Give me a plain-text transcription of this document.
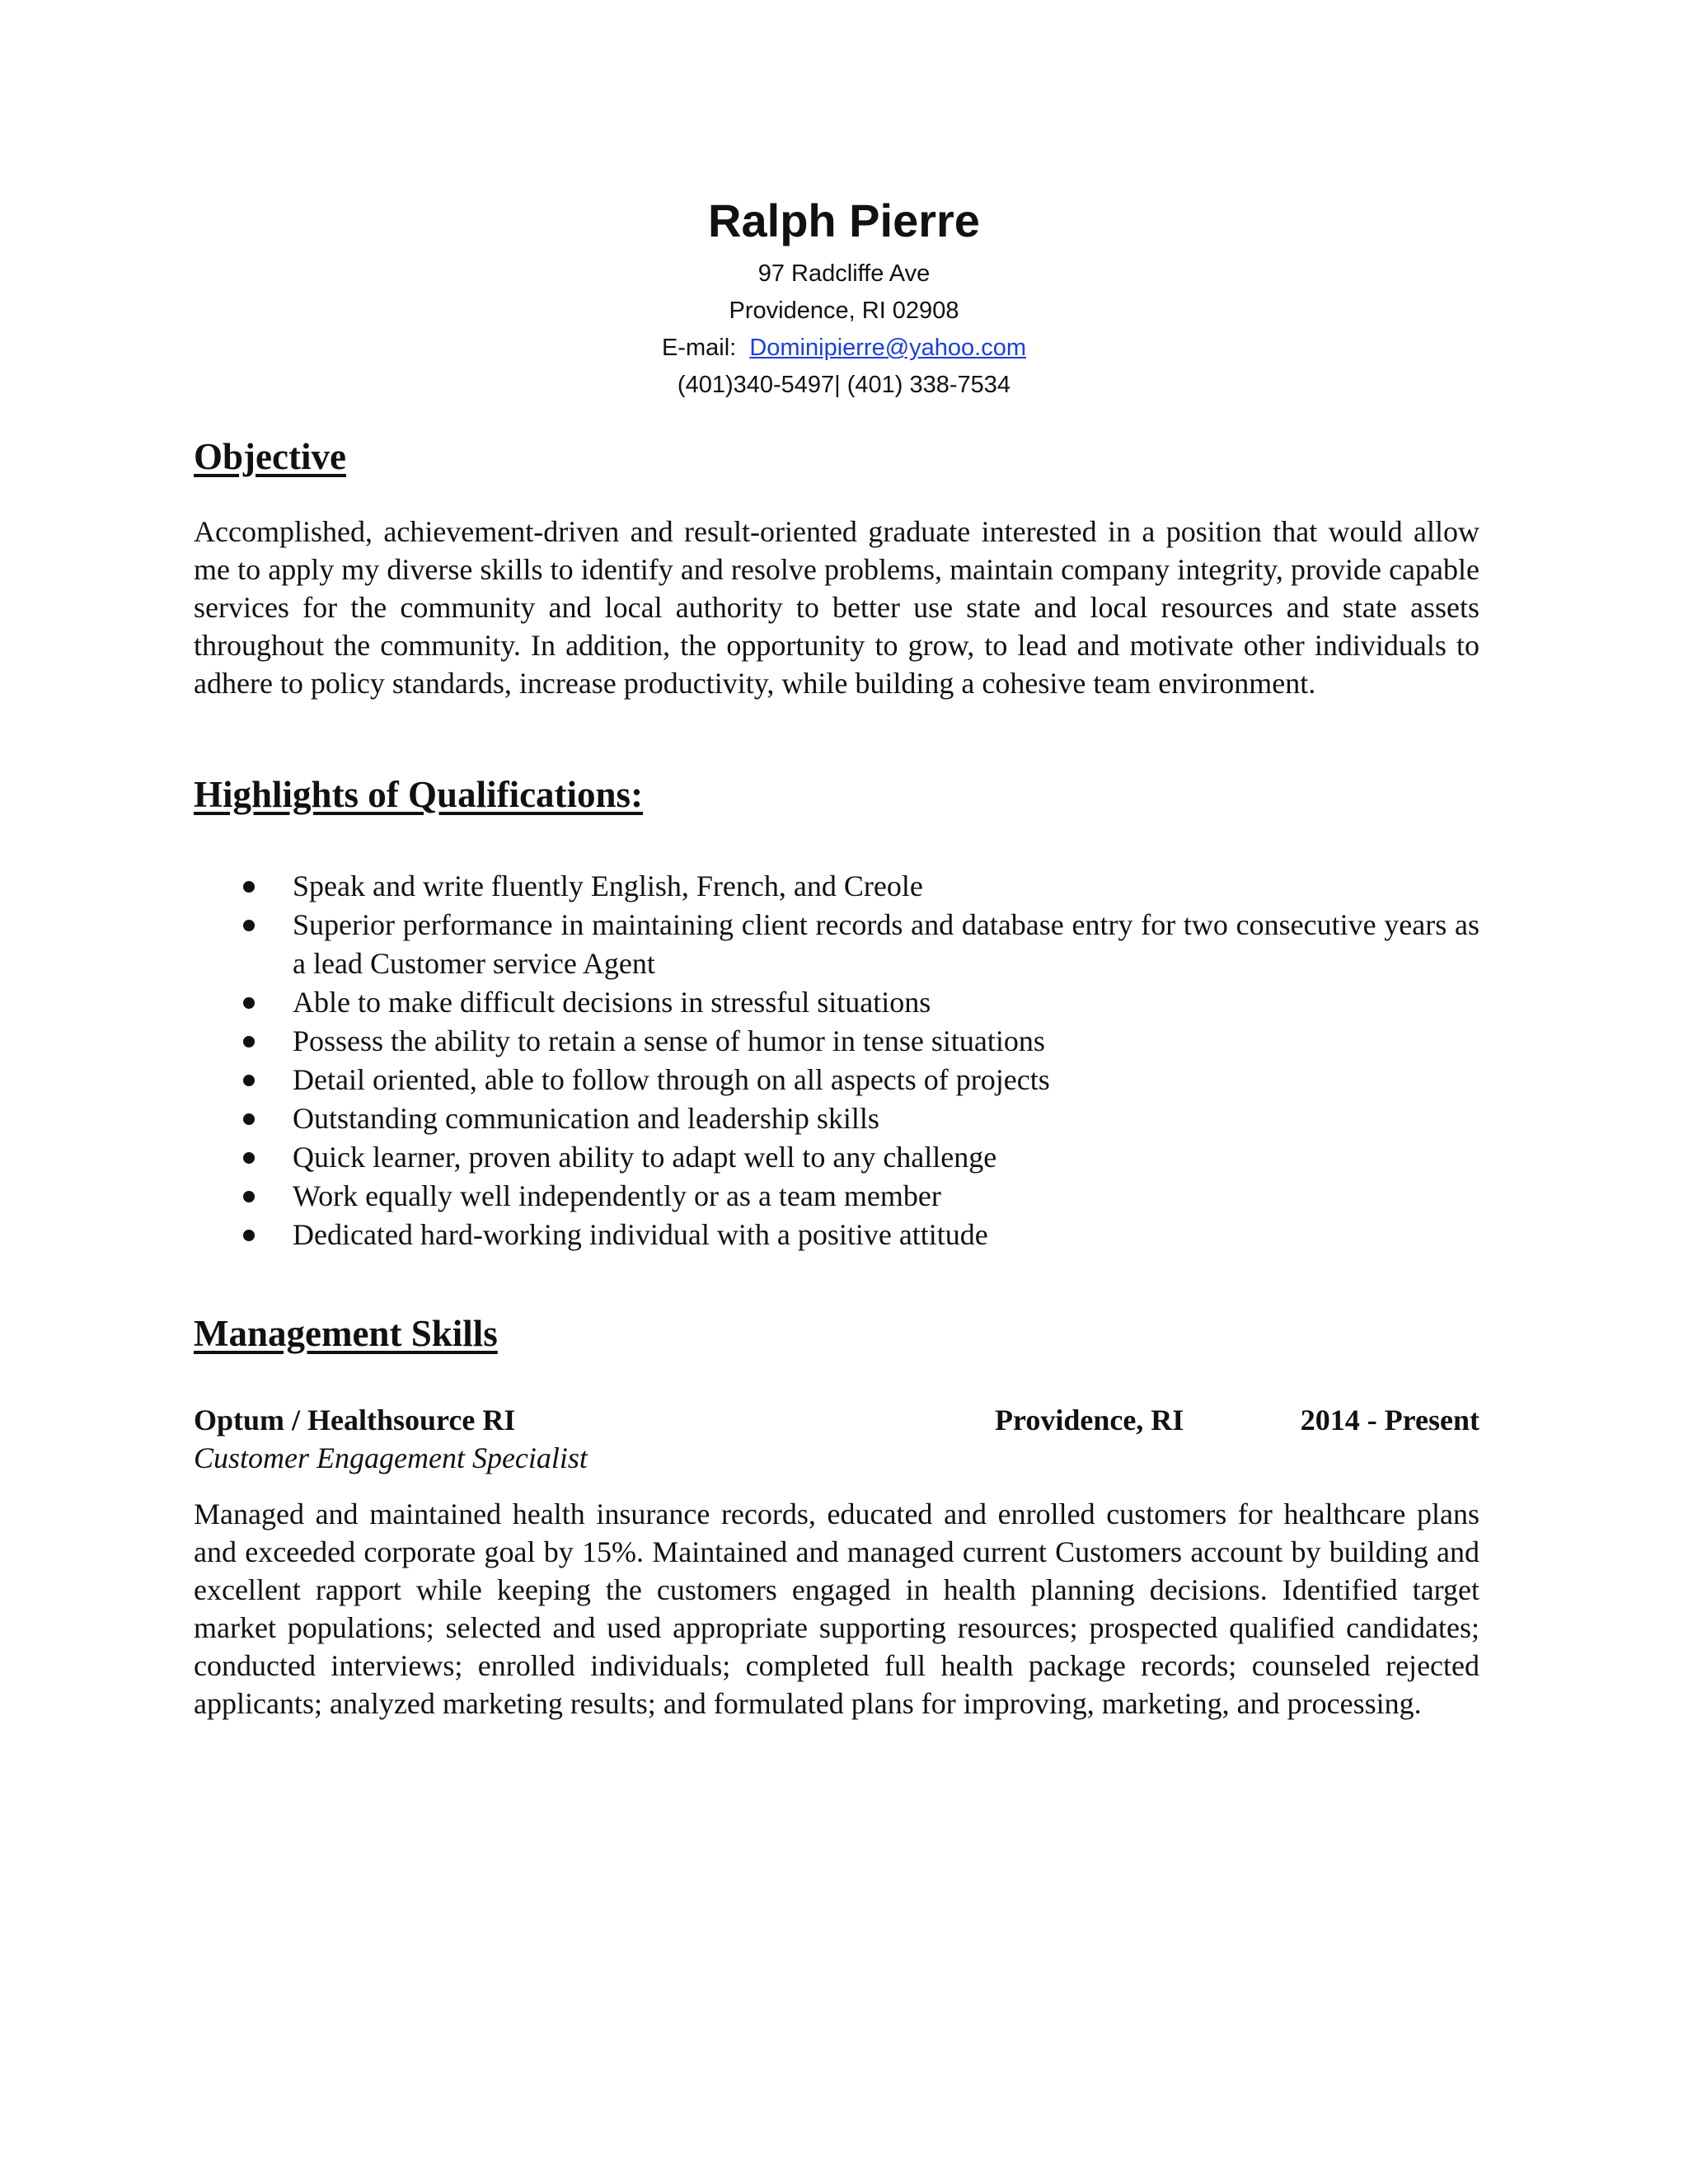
Ralph Pierre
97 Radcliffe Ave
Providence, RI 02908
E-mail: Dominipierre@yahoo.com
(401)340-5497| (401) 338-7534
Objective

Accomplished, achievement-driven and result-oriented graduate interested in a position that would allow me to apply my diverse skills to identify and resolve problems, maintain company integrity, provide capable services for the community and local authority to better use state and local resources and state assets throughout the community. In addition, the opportunity to grow, to lead and motivate other individuals to adhere to policy standards, increase productivity, while building a cohesive team environment.

Highlights of Qualifications:
Speak and write fluently English, French, and Creole
Superior performance in maintaining client records and database entry for two consecutive years as a lead Customer service Agent
Able to make difficult decisions in stressful situations
Possess the ability to retain a sense of humor in tense situations
Detail oriented, able to follow through on all aspects of projects
Outstanding communication and leadership skills
Quick learner, proven ability to adapt well to any challenge
Work equally well independently or as a team member
Dedicated hard-working individual with a positive attitude
Management Skills
Optum / Healthsource RI	Providence, RI	2014 - Present
Customer Engagement Specialist

Managed and maintained health insurance records, educated and enrolled customers for healthcare plans and exceeded corporate goal by 15%. Maintained and managed current Customers account by building and excellent rapport while keeping the customers engaged in health planning decisions. Identified target market populations; selected and used appropriate supporting resources; prospected qualified candidates; conducted interviews; enrolled individuals; completed full health package records; counseled rejected applicants; analyzed marketing results; and formulated plans for improving, marketing, and processing.
